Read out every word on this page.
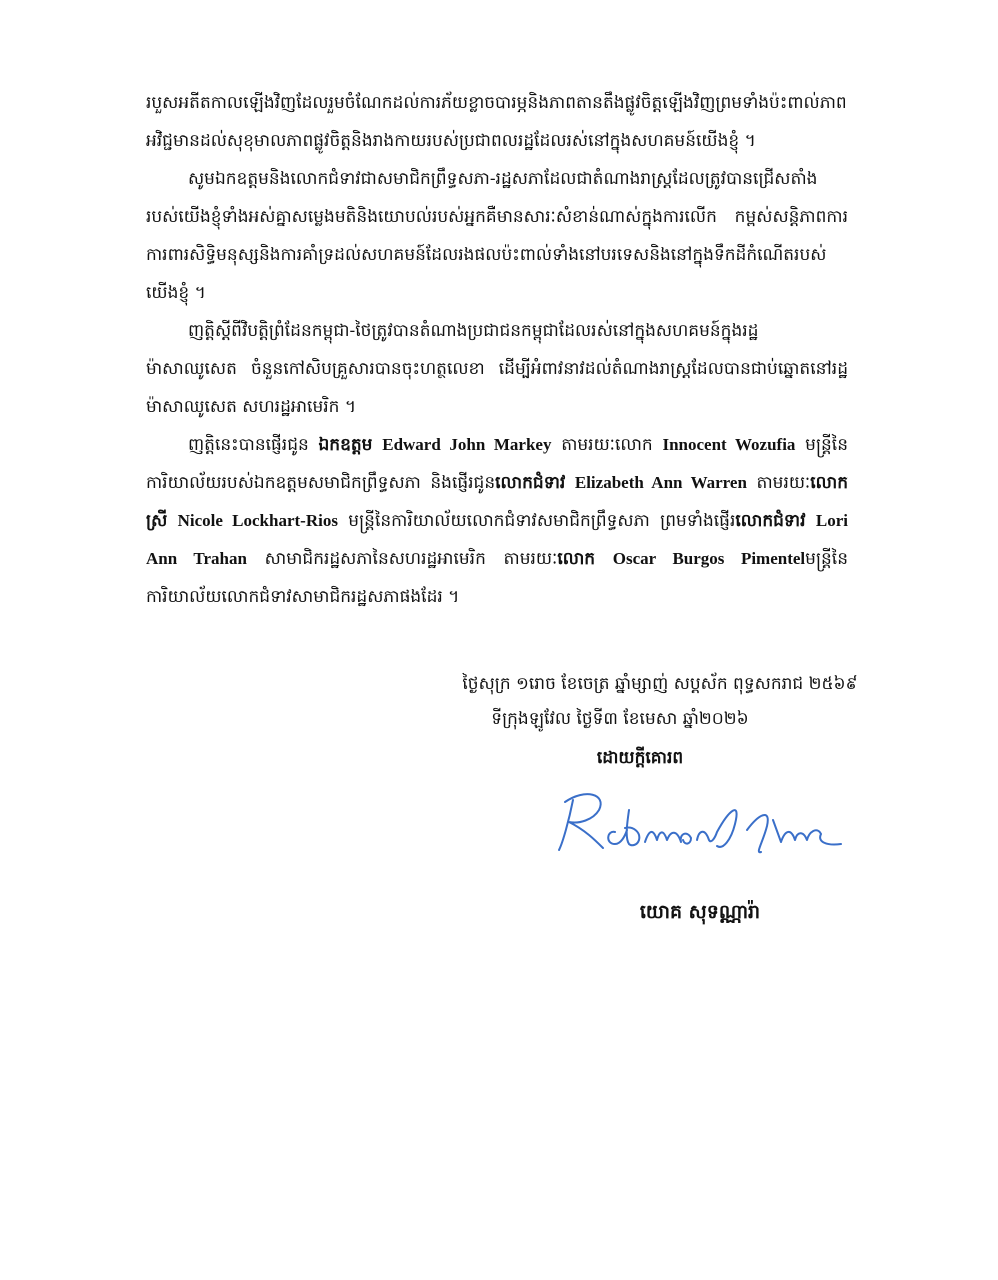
របួសអតីតកាលឡើងវិញដែលរួមចំណែកដល់ការភ័យខ្លាចបារម្ភនិងភាពតានតឹងផ្លូវចិត្តឡើងវិញព្រមទាំងប៉ះពាល់ភាពអវិជ្ជមានដល់សុខុមាលភាពផ្លូវចិត្តនិងរាងកាយរបស់ប្រជាពលរដ្ឋដែលរស់នៅក្នុងសហគមន៍យើងខ្ញុំ ។

សូមឯកឧត្តមនិងលោកជំទាវជាសមាជិកព្រឹទ្ធសភា-រដ្ឋសភាដែលជាតំណាងរាស្ត្រដែលត្រូវបានជ្រើសតាំងរបស់យើងខ្ញុំទាំងអស់គ្នាសម្លេងមតិនិងយោបល់របស់អ្នកគឺមានសារៈសំខាន់ណាស់ក្នុងការលើក កម្ពស់សន្តិភាពការការពារសិទ្ធិមនុស្សនិងការគាំទ្រដល់សហគមន៍ដែលរងផលប៉ះពាល់ទាំងនៅបរទេសនិងនៅក្នុងទឹកដីកំណើតរបស់យើងខ្ញុំ ។

ញត្តិស្តីពីវិបត្តិព្រំដែនកម្ពុជា-ថៃត្រូវបានតំណាងប្រជាជនកម្ពុជាដែលរស់នៅក្នុងសហគមន៍ក្នុងរដ្ឋម៉ាសាឈូសេត ចំនួនកៅសិបគ្រួសារបានចុះហត្ថលេខា ដើម្បីអំពាវនាវដល់តំណាងរាស្ត្រដែលបានជាប់ឆ្នោតនៅរដ្ឋម៉ាសាឈូសេត សហរដ្ឋអាមេរិក ។

ញត្តិនេះបានផ្ញើរជូន ឯកឧត្តម Edward John Markey តាមរយៈលោក Innocent Wozufia មន្ត្រីនៃការិយាល័យរបស់ឯកឧត្តមសមាជិកព្រឹទ្ធសភា និងផ្ញើរជូនលោកជំទាវ Elizabeth Ann Warren តាមរយៈលោកស្រី Nicole Lockhart-Rios មន្ត្រីនៃការិយាល័យលោកជំទាវសមាជិកព្រឹទ្ធសភា ព្រមទាំងផ្ញើរលោកជំទាវ Lori Ann Trahan សាមាជិករដ្ឋសភានៃសហរដ្ឋអាមេរិក តាមរយៈលោក Oscar Burgos Pimentelមន្ត្រីនៃការិយាល័យលោកជំទាវសាមាជិករដ្ឋសភាផងដែរ ។

ថ្ងៃសុក្រ ១រោច ខែចេត្រ ឆ្នាំម្សាញ់ សប្តស័ក ពុទ្ធសករាជ ២៥៦៩
ទីក្រុងឡូវែល ថ្ងៃទី៣ ខែមេសា ឆ្នាំ២០២៦
ដោយក្តីគោរព
យោគ សុទណ្ណារ៉ា
